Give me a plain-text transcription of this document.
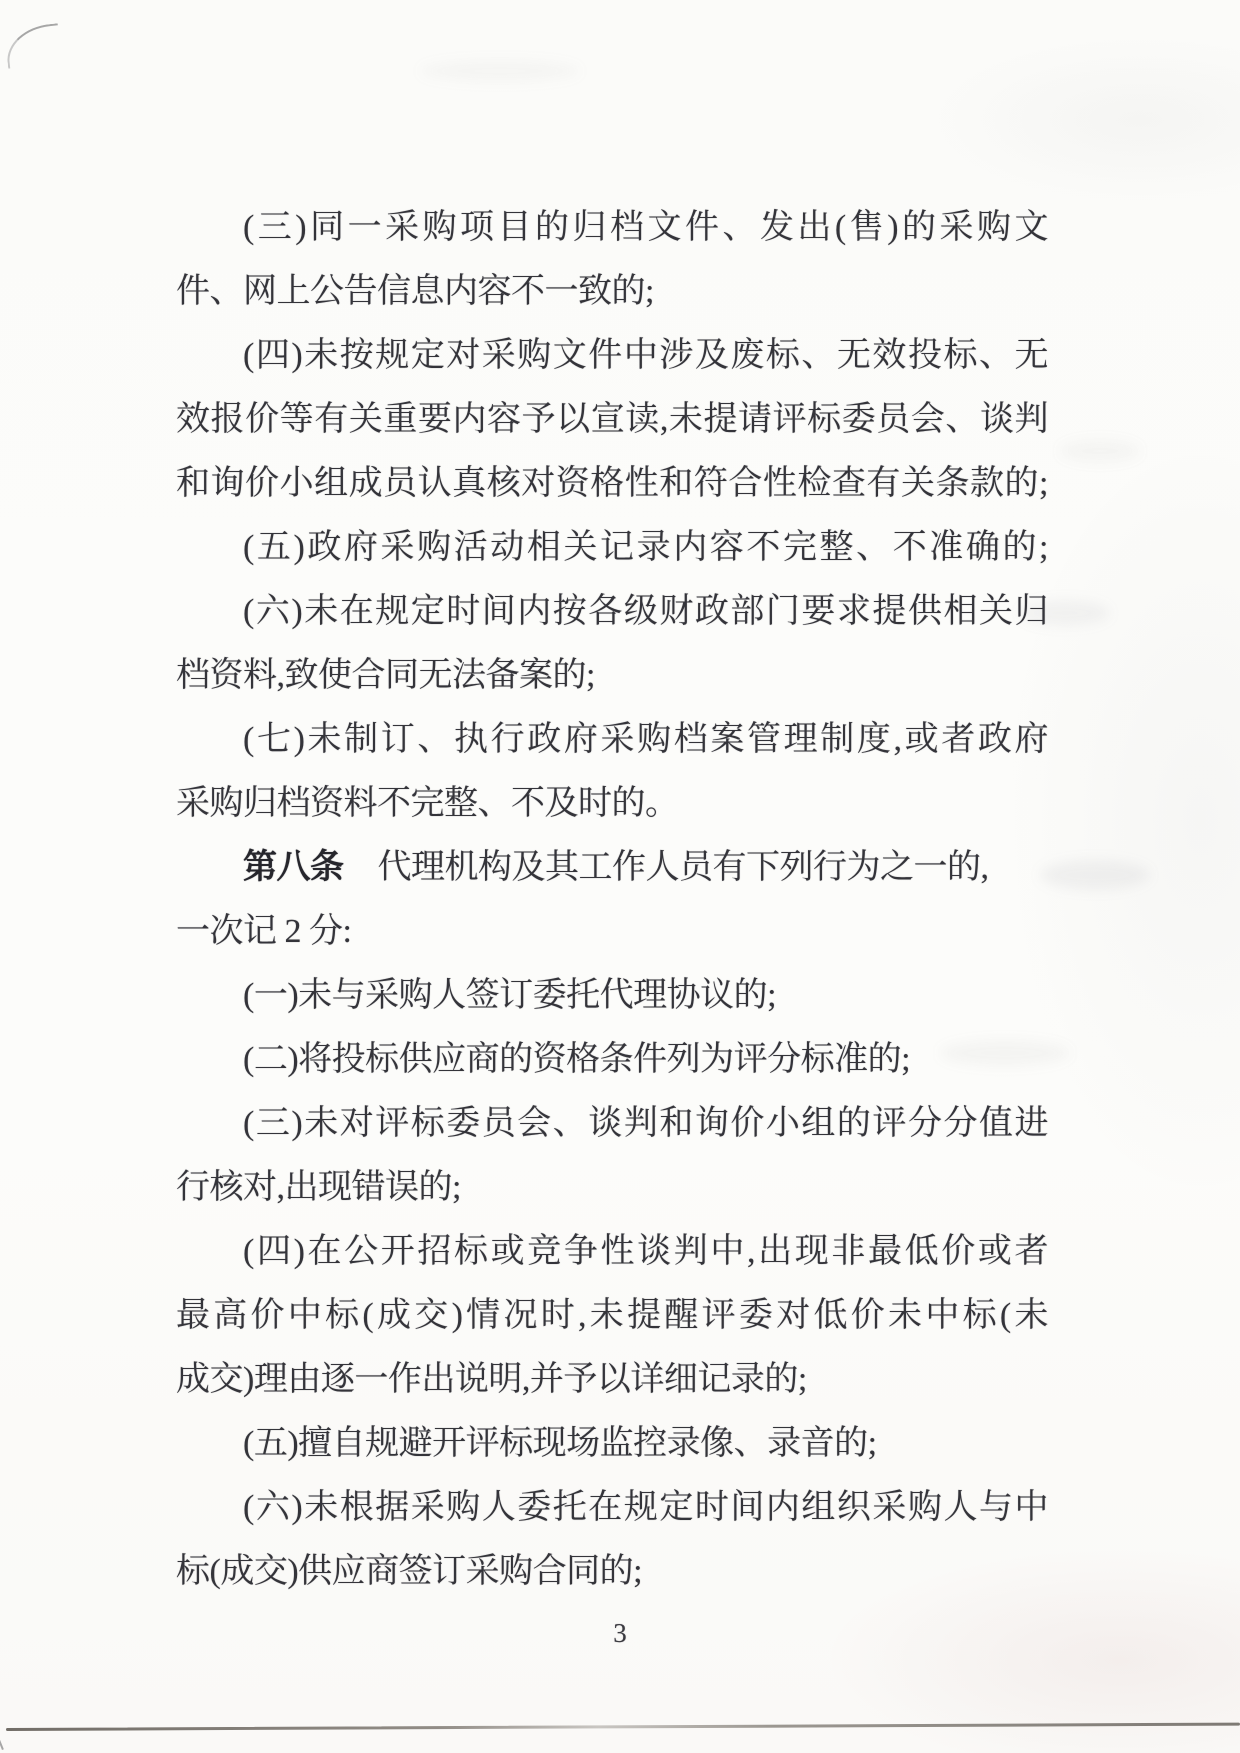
(三)同一采购项目的归档文件、发出(售)的采购文
件、网上公告信息内容不一致的;
(四)未按规定对采购文件中涉及废标、无效投标、无
效报价等有关重要内容予以宣读,未提请评标委员会、谈判
和询价小组成员认真核对资格性和符合性检查有关条款的;
(五)政府采购活动相关记录内容不完整、不准确的;
(六)未在规定时间内按各级财政部门要求提供相关归
档资料,致使合同无法备案的;
(七)未制订、执行政府采购档案管理制度,或者政府
采购归档资料不完整、不及时的。
第八条 代理机构及其工作人员有下列行为之一的,
一次记 2 分:
(一)未与采购人签订委托代理协议的;
(二)将投标供应商的资格条件列为评分标准的;
(三)未对评标委员会、谈判和询价小组的评分分值进
行核对,出现错误的;
(四)在公开招标或竞争性谈判中,出现非最低价或者
最高价中标(成交)情况时,未提醒评委对低价未中标(未
成交)理由逐一作出说明,并予以详细记录的;
(五)擅自规避开评标现场监控录像、录音的;
(六)未根据采购人委托在规定时间内组织采购人与中
标(成交)供应商签订采购合同的;
3
